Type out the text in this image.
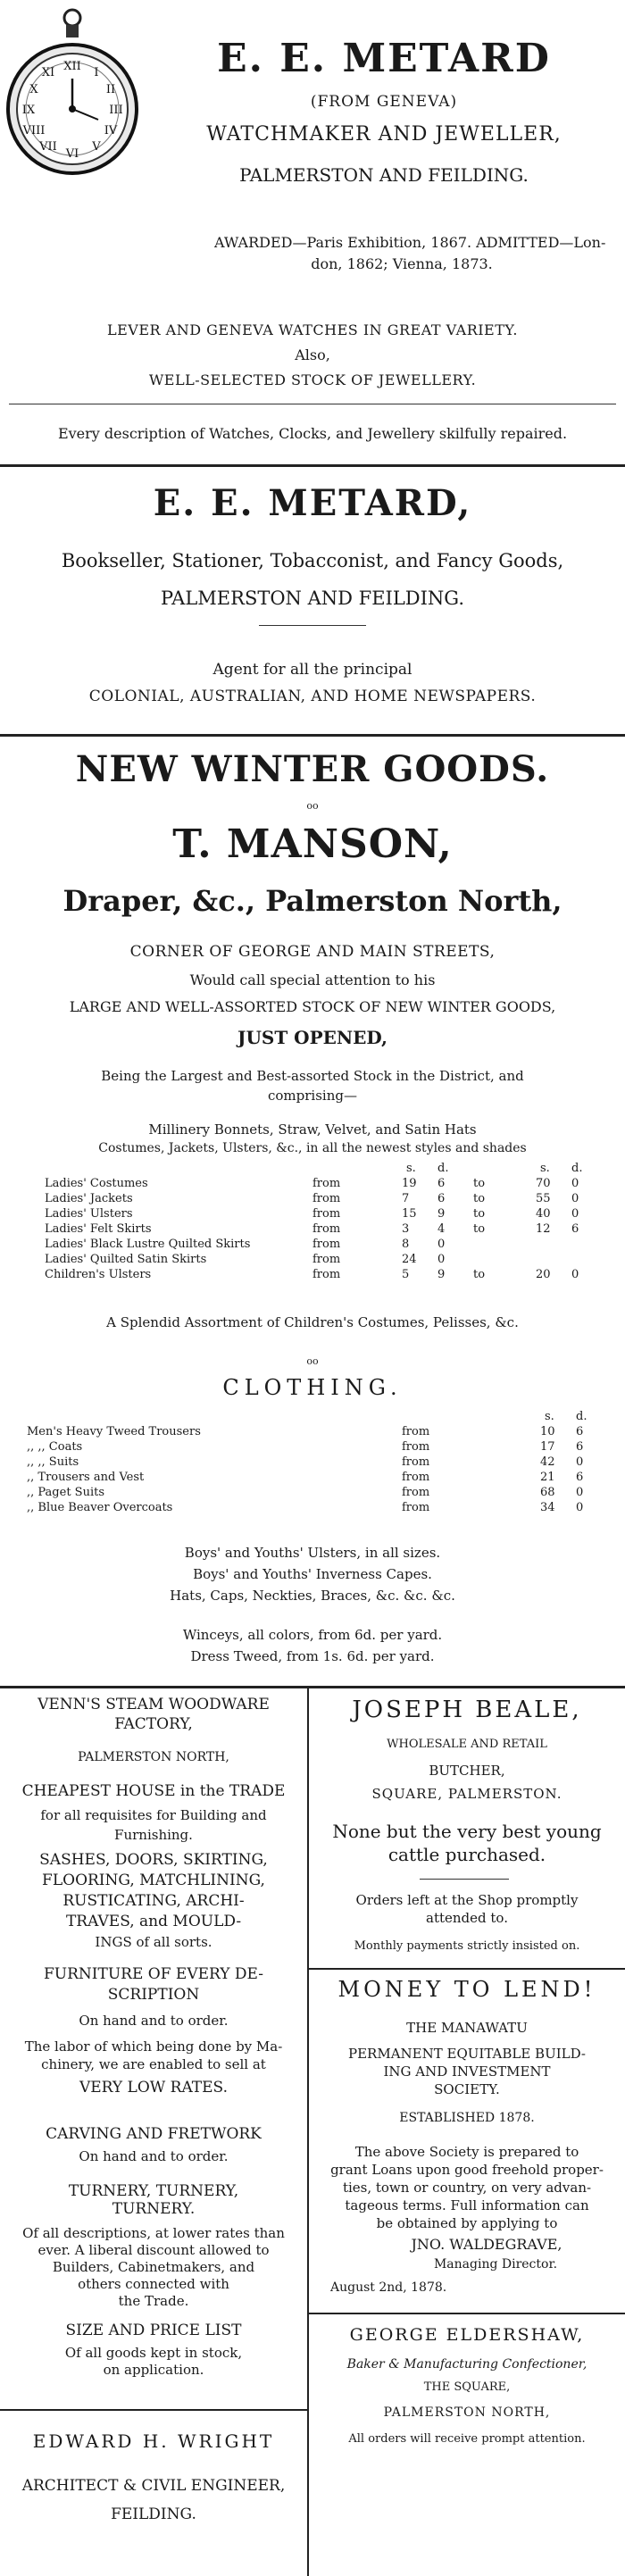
XII I
II
III
IV
V
VI
VII
VIII
IX
X
XI	E. E. METARD
(FROM GENEVA)
WATCHMAKER AND JEWELLER,
PALMERSTON AND FEILDING.
AWARDED—Paris Exhibition, 1867. ADMITTED—Lon-
don, 1862; Vienna, 1873.
LEVER AND GENEVA WATCHES IN GREAT VARIETY.
Also,
WELL-SELECTED STOCK OF JEWELLERY.
Every description of Watches, Clocks, and Jewellery skilfully repaired.
E. E. METARD,
Bookseller, Stationer, Tobacconist, and Fancy Goods,
PALMERSTON AND FEILDING.
Agent for all the principal
COLONIAL, AUSTRALIAN, AND HOME NEWSPAPERS.
NEW WINTER GOODS.
oo
T. MANSON,
Draper, &c., Palmerston North,
CORNER OF GEORGE AND MAIN STREETS,
Would call special attention to his
LARGE AND WELL-ASSORTED STOCK OF NEW WINTER GOODS,
JUST OPENED,
Being the Largest and Best-assorted Stock in the District, and
comprising—
Millinery Bonnets, Straw, Velvet, and Satin Hats
Costumes, Jackets, Ulsters, &c., in all the newest styles and shades
s. d.	s. d.
Ladies' Costumes	from	19 6 to	70 0
Ladies' Jackets	from	7 6 to	55 0
Ladies' Ulsters	from	15 9 to	40 0
Ladies' Felt Skirts	from	3 4 to	12 6
Ladies' Black Lustre Quilted Skirts	from	8 0
Ladies' Quilted Satin Skirts	from	24 0
Children's Ulsters	from	5 9 to	20 0
A Splendid Assortment of Children's Costumes, Pelisses, &c.
oo
CLOTHING.
s. d.
Men's Heavy Tweed Trousers	from	10 6
,, ,, Coats	from	17 6
,, ,, Suits	from	42 0
,, Trousers and Vest	from	21 6
,, Paget Suits	from	68 0
,, Blue Beaver Overcoats	from	34 0
Boys' and Youths' Ulsters, in all sizes.
Boys' and Youths' Inverness Capes.
Hats, Caps, Neckties, Braces, &c. &c. &c.
Winceys, all colors, from 6d. per yard.
Dress Tweed, from 1s. 6d. per yard.
VENN'S STEAM WOODWARE FACTORY,
PALMERSTON NORTH,
CHEAPEST HOUSE in the TRADE
for all requisites for Building and
Furnishing.
SASHES, DOORS, SKIRTING,
FLOORING, MATCHLINING,
RUSTICATING, ARCHI-
TRAVES, and MOULD-
INGS of all sorts.
FURNITURE OF EVERY DE-
SCRIPTION
On hand and to order.
The labor of which being done by Ma-
chinery, we are enabled to sell at
VERY LOW RATES.
CARVING AND FRETWORK
On hand and to order.
TURNERY, TURNERY,
TURNERY.
Of all descriptions, at lower rates than
ever. A liberal discount allowed to
Builders, Cabinetmakers, and
others connected with
the Trade.
SIZE AND PRICE LIST
Of all goods kept in stock,
on application.
EDWARD H. WRIGHT
ARCHITECT & CIVIL ENGINEER,
FEILDING.
JOSEPH BEALE,
WHOLESALE AND RETAIL
BUTCHER,
SQUARE, PALMERSTON.
None but the very best young
cattle purchased.
Orders left at the Shop promptly
attended to.
Monthly payments strictly insisted on.
MONEY TO LEND!
THE MANAWATU
PERMANENT EQUITABLE BUILD-
ING AND INVESTMENT
SOCIETY.
ESTABLISHED 1878.
The above Society is prepared to
grant Loans upon good freehold proper-
ties, town or country, on very advan-
tageous terms. Full information can
be obtained by applying to
JNO. WALDEGRAVE,
Managing Director.
August 2nd, 1878.
GEORGE ELDERSHAW,
Baker & Manufacturing Confectioner,
THE SQUARE,
PALMERSTON NORTH,
All orders will receive prompt attention.
